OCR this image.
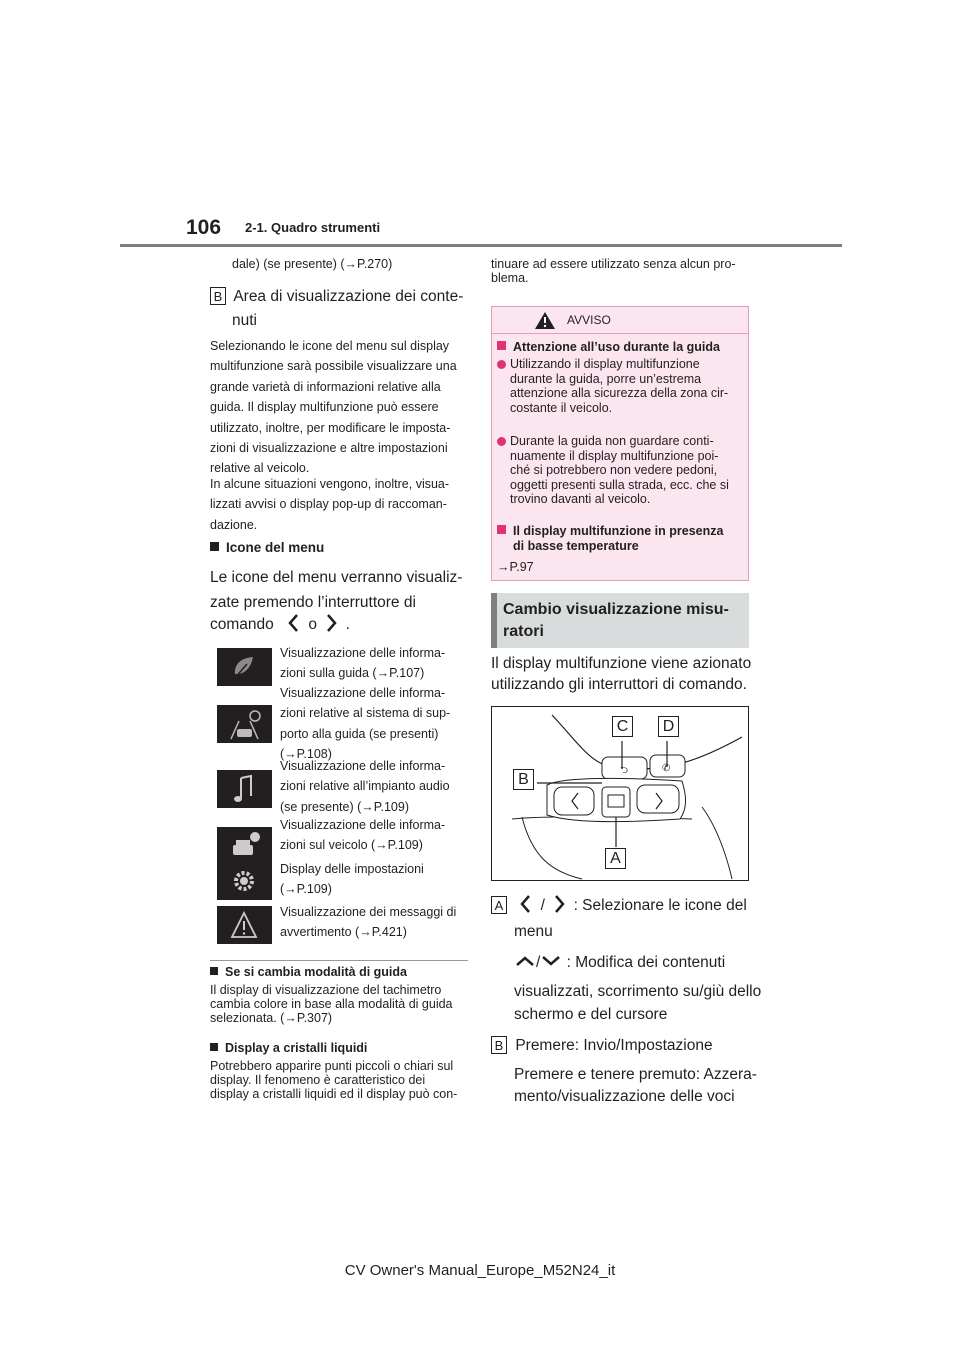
106 2-1. Quadro strumenti
dale) (se presente) (→P.270)
B Area di visualizzazione dei conte-
nuti
Selezionando le icone del menu sul display
multifunzione sarà possibile visualizzare una
grande varietà di informazioni relative alla
guida. Il display multifunzione può essere
utilizzato, inoltre, per modificare le imposta-
zioni di visualizzazione e altre impostazioni
relative al veicolo.
In alcune situazioni vengono, inoltre, visua-
lizzati avvisi o display pop-up di raccoman-
dazione.
Icone del menu
Le icone del menu verranno visualiz-
zate premendo l’interruttore di
comando o .
Visualizzazione delle informa-
zioni sulla guida (→P.107)
Visualizzazione delle informa-
zioni relative al sistema di sup-
porto alla guida (se presenti)
(→P.108)
Visualizzazione delle informa-
zioni relative all’impianto audio
(se presente) (→P.109)
Visualizzazione delle informa-
zioni sul veicolo (→P.109)
Display delle impostazioni
(→P.109)
Visualizzazione dei messaggi di
avvertimento (→P.421)
Se si cambia modalità di guida
Il display di visualizzazione del tachimetro
cambia colore in base alla modalità di guida
selezionata. (→P.307)
Display a cristalli liquidi
Potrebbero apparire punti piccoli o chiari sul
display. Il fenomeno è caratteristico dei
display a cristalli liquidi ed il display può con-
tinuare ad essere utilizzato senza alcun pro-
blema.
AVVISO
Attenzione all’uso durante la guida
Utilizzando il display multifunzione
durante la guida, porre un’estrema
attenzione alla sicurezza della zona cir-
costante il veicolo.
Durante la guida non guardare conti-
nuamente il display multifunzione poi-
ché si potrebbero non vedere pedoni,
oggetti presenti sulla strada, ecc. che si
trovino davanti al veicolo.
Il display multifunzione in presenza
di basse temperature
→P.97
Cambio visualizzazione misu-
ratori
Il display multifunzione viene azionato
utilizzando gli interruttori di comando.
⮌	✆
C D
B
A
A / : Selezionare le icone del
menu
/ : Modifica dei contenuti
visualizzati, scorrimento su/giù dello
schermo e del cursore
B Premere: Invio/Impostazione
Premere e tenere premuto: Azzera-
mento/visualizzazione delle voci
CV Owner's Manual_Europe_M52N24_it
